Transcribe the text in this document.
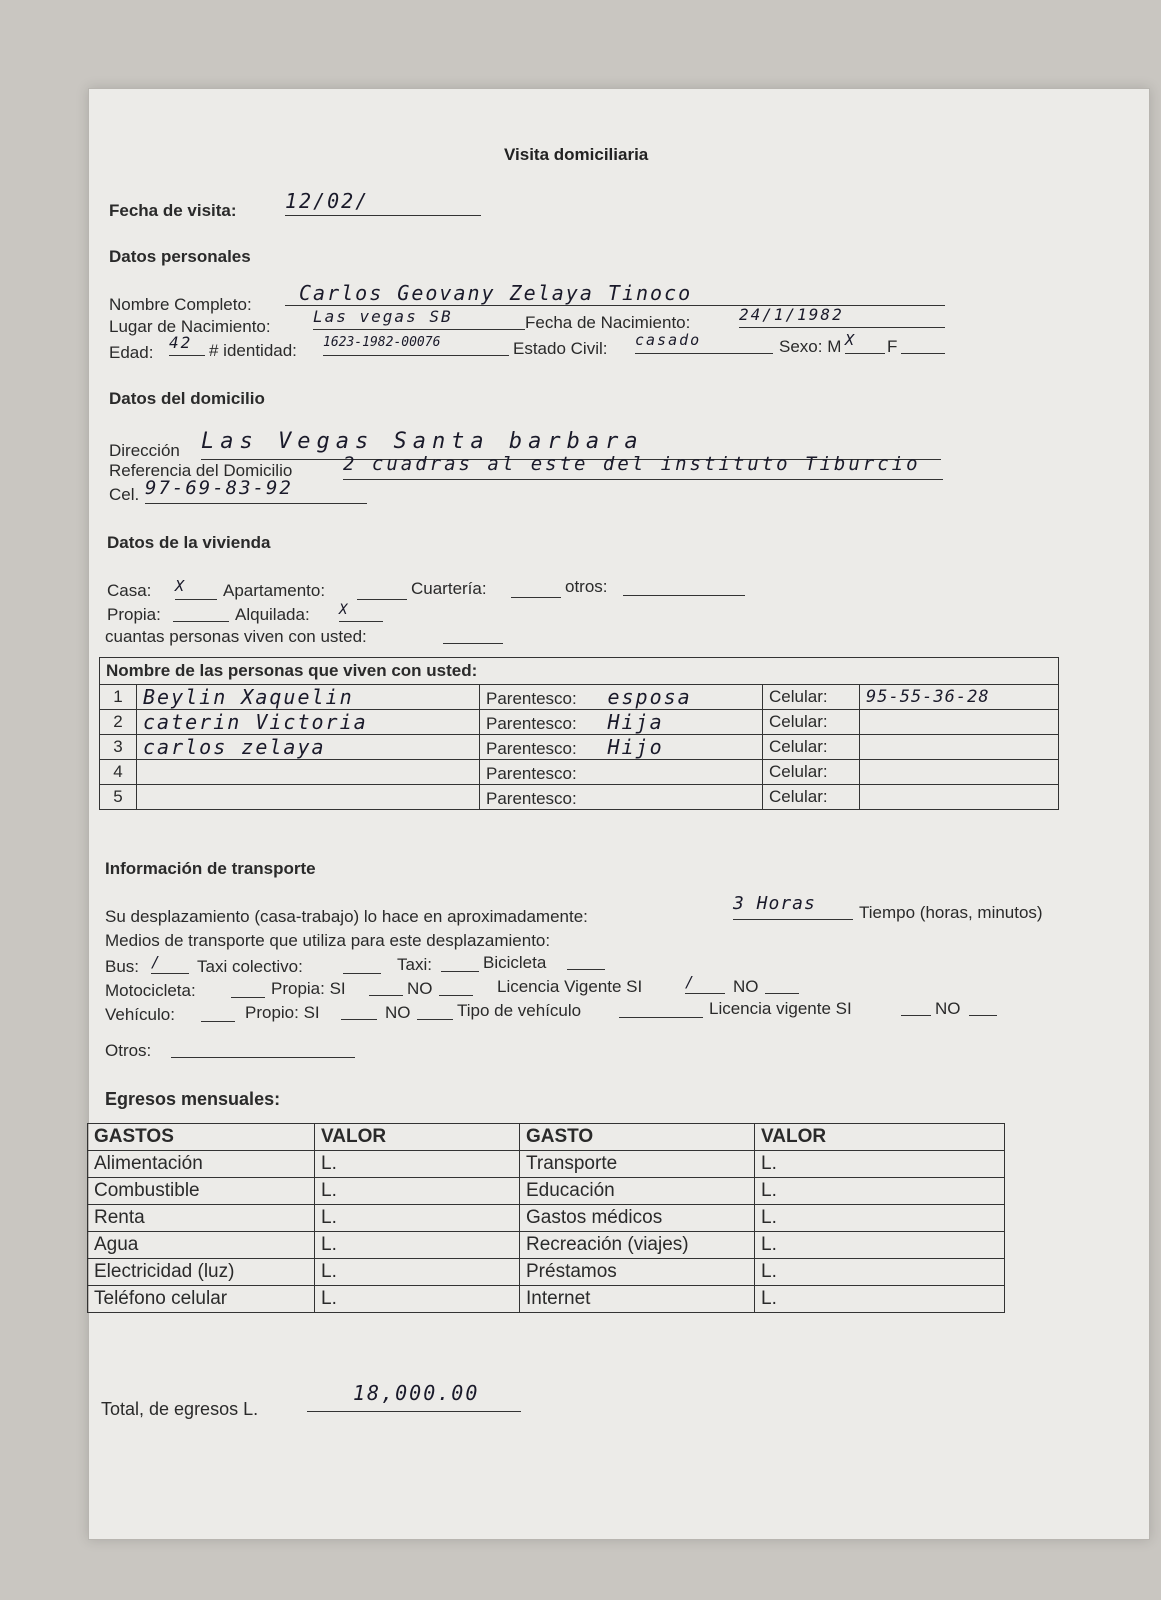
Visita domiciliaria
Fecha de visita: 12/02/
Datos personales
Nombre Completo:	Carlos Geovany Zelaya Tinoco
Lugar de Nacimiento:
Las vegas SB	Fecha de Nacimiento:	24/1/1982
Edad:
42 # identidad: 1623-1982-00076	Estado Civil: casado	Sexo: M X	F
Datos del domicilio
Dirección Las Vegas Santa barbara
Referencia del Domicilio	2 cuadras al este del instituto Tiburcio
Cel. 97-69-83-92
Datos de la vivienda
Casa: X	Apartamento:	Cuartería:	otros:
Propia:	Alquilada: X
cuantas personas viven con usted:
Nombre de las personas que viven con usted:				
1	Beylin Xaquelin	Parentesco: esposa	Celular:	95-55-36-28
2	caterin Victoria	Parentesco: Hija	Celular:	
3	carlos zelaya	Parentesco: Hijo	Celular:	
4		Parentesco:	Celular:	
5		Parentesco:	Celular:	
Información de transporte
Su desplazamiento (casa-trabajo) lo hace en aproximadamente:
3 Horas	Tiempo (horas, minutos)
Medios de transporte que utiliza para este desplazamiento:
Bus: /	Taxi colectivo:	Taxi:	Bicicleta
Motocicleta:	Propia: SI	NO	Licencia Vigente SI	/	NO
Vehículo:	Propio: SI	NO	Tipo de vehículo	Licencia vigente SI	NO
Otros:
Egresos mensuales:
GASTOS	VALOR	GASTO	VALOR
Alimentación	L.	Transporte	L.
Combustible	L.	Educación	L.
Renta	L.	Gastos médicos	L.
Agua	L.	Recreación (viajes)	L.
Electricidad (luz)	L.	Préstamos	L.
Teléfono celular	L.	Internet	L.
Total, de egresos L.
18,000.00
